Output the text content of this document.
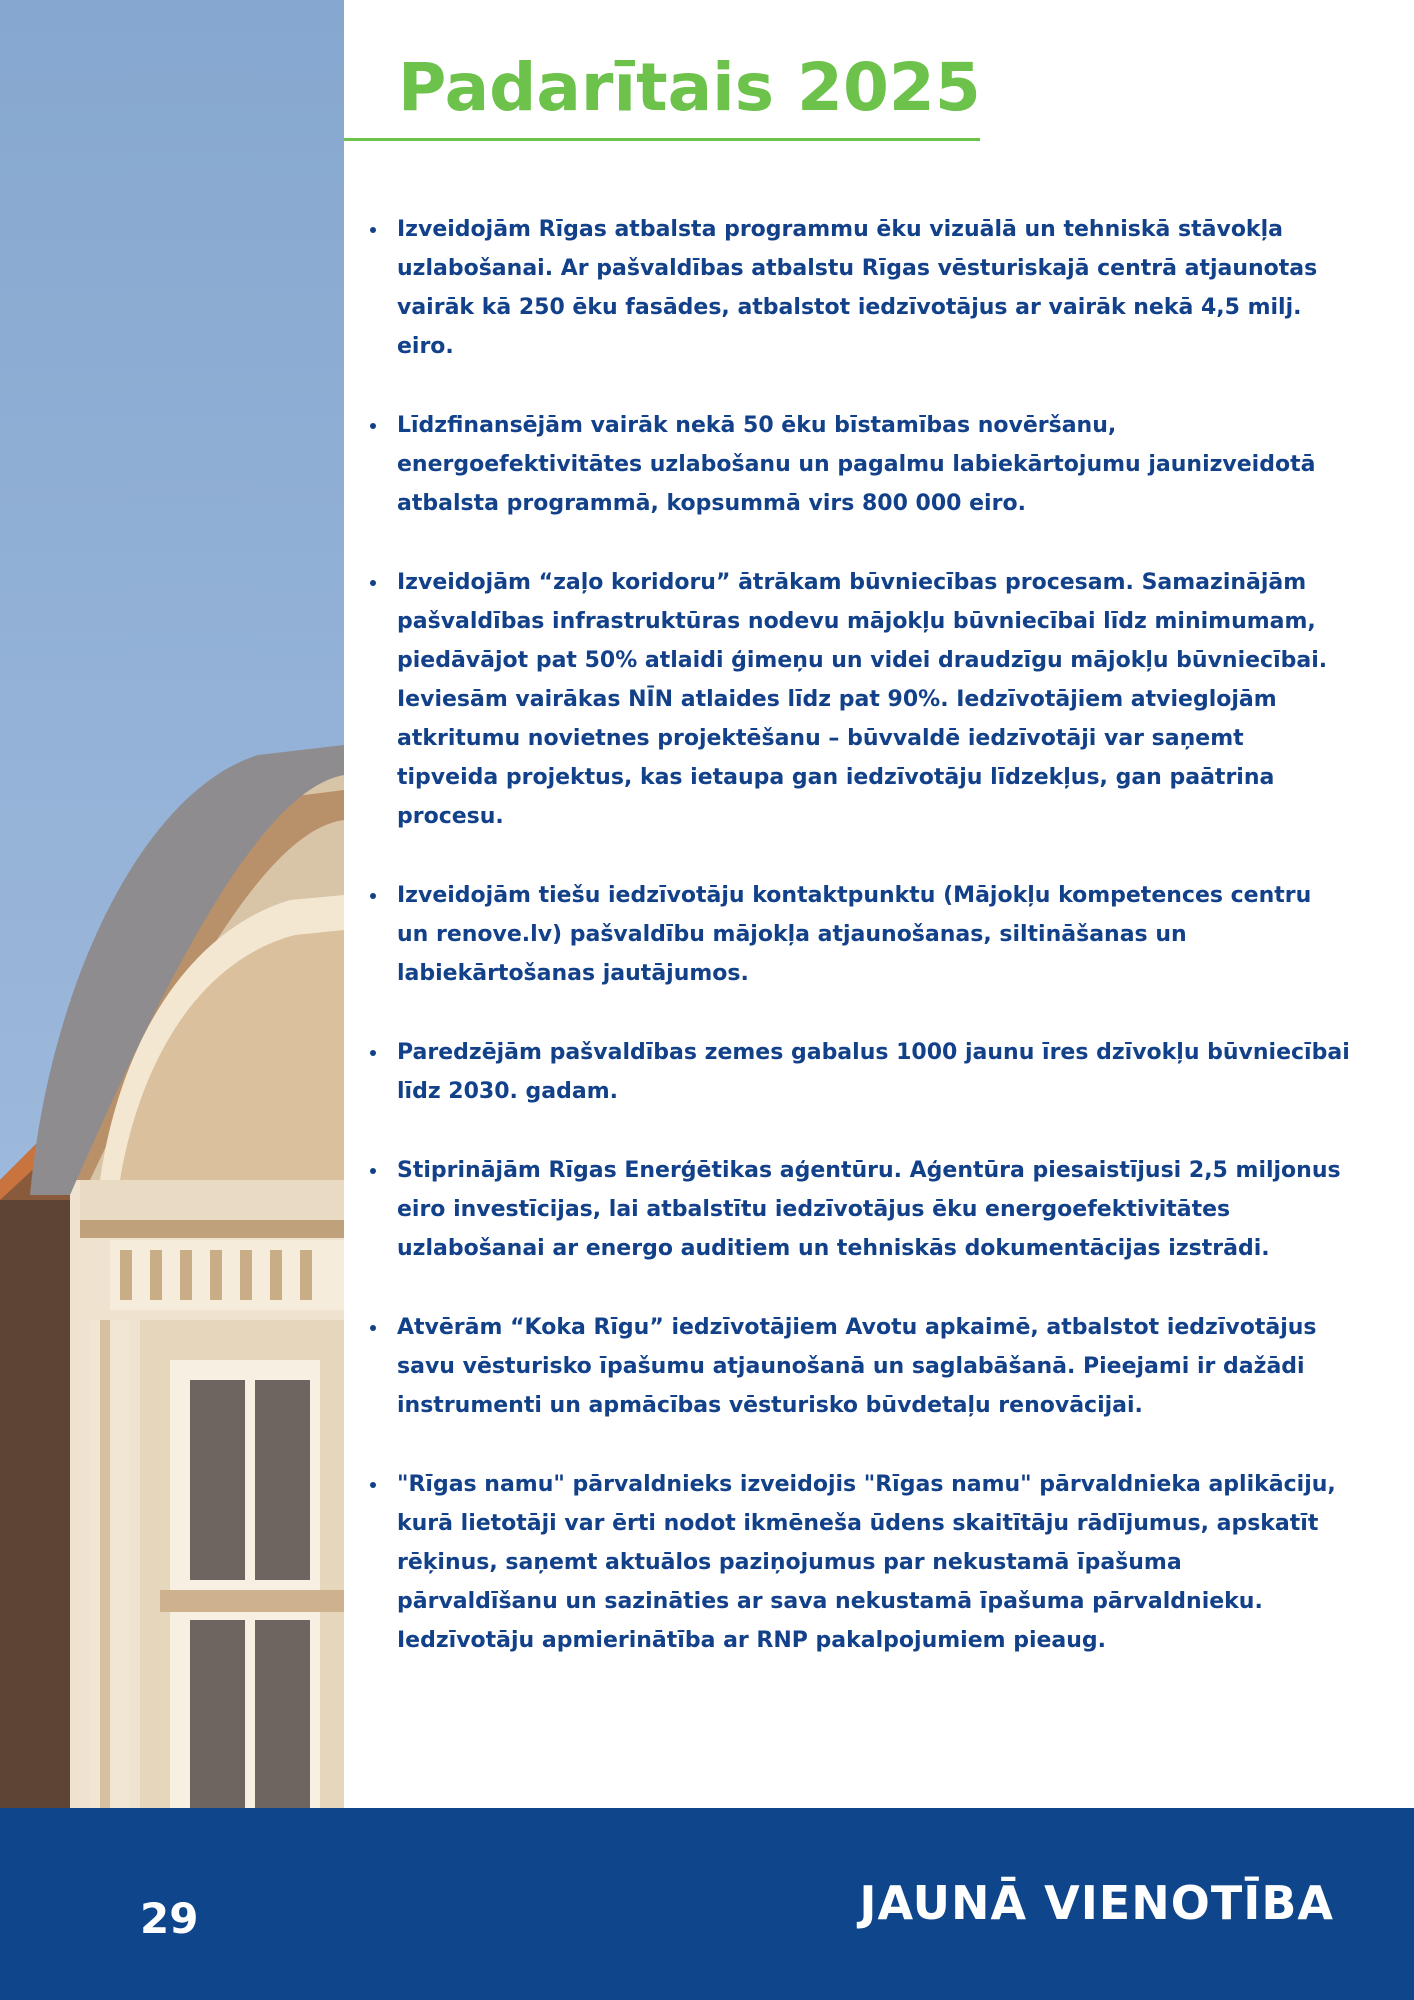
Padarītais 2025
Izveidojām Rīgas atbalsta programmu ēku vizuālā un tehniskā stāvokļa uzlabošanai. Ar pašvaldības atbalstu Rīgas vēsturiskajā centrā atjaunotas vairāk kā 250 ēku fasādes, atbalstot iedzīvotājus ar vairāk nekā 4,5 milj. eiro.
Līdzfinansējām vairāk nekā 50 ēku bīstamības novēršanu, energoefektivitātes uzlabošanu un pagalmu labiekārtojumu jaunizveidotā atbalsta programmā, kopsummā virs 800 000 eiro.
Izveidojām “zaļo koridoru” ātrākam būvniecības procesam. Samazinājām pašvaldības infrastruktūras nodevu mājokļu būvniecībai līdz minimumam, piedāvājot pat 50% atlaidi ģimeņu un videi draudzīgu mājokļu būvniecībai. Ieviesām vairākas NĪN atlaides līdz pat 90%. Iedzīvotājiem atvieglojām atkritumu novietnes projektēšanu – būvvaldē iedzīvotāji var saņemt tipveida projektus, kas ietaupa gan iedzīvotāju līdzekļus, gan paātrina procesu.
Izveidojām tiešu iedzīvotāju kontaktpunktu (Mājokļu kompetences centru un renove.lv) pašvaldību mājokļa atjaunošanas, siltināšanas un labiekārtošanas jautājumos.
Paredzējām pašvaldības zemes gabalus 1000 jaunu īres dzīvokļu būvniecībai līdz 2030. gadam.
Stiprinājām Rīgas Enerģētikas aģentūru. Aģentūra piesaistījusi 2,5 miljonus eiro investīcijas, lai atbalstītu iedzīvotājus ēku energoefektivitātes uzlabošanai ar energo auditiem un tehniskās dokumentācijas izstrādi.
Atvērām “Koka Rīgu” iedzīvotājiem Avotu apkaimē, atbalstot iedzīvotājus savu vēsturisko īpašumu atjaunošanā un saglabāšanā. Pieejami ir dažādi instrumenti un apmācības vēsturisko būvdetaļu renovācijai.
"Rīgas namu" pārvaldnieks izveidojis "Rīgas namu" pārvaldnieka aplikāciju, kurā lietotāji var ērti nodot ikmēneša ūdens skaitītāju rādījumus, apskatīt rēķinus, saņemt aktuālos paziņojumus par nekustamā īpašuma pārvaldīšanu un sazināties ar sava nekustamā īpašuma pārvaldnieku. Iedzīvotāju apmierinātība ar RNP pakalpojumiem pieaug.
29	JAUNĀ VIENOTĪBA
